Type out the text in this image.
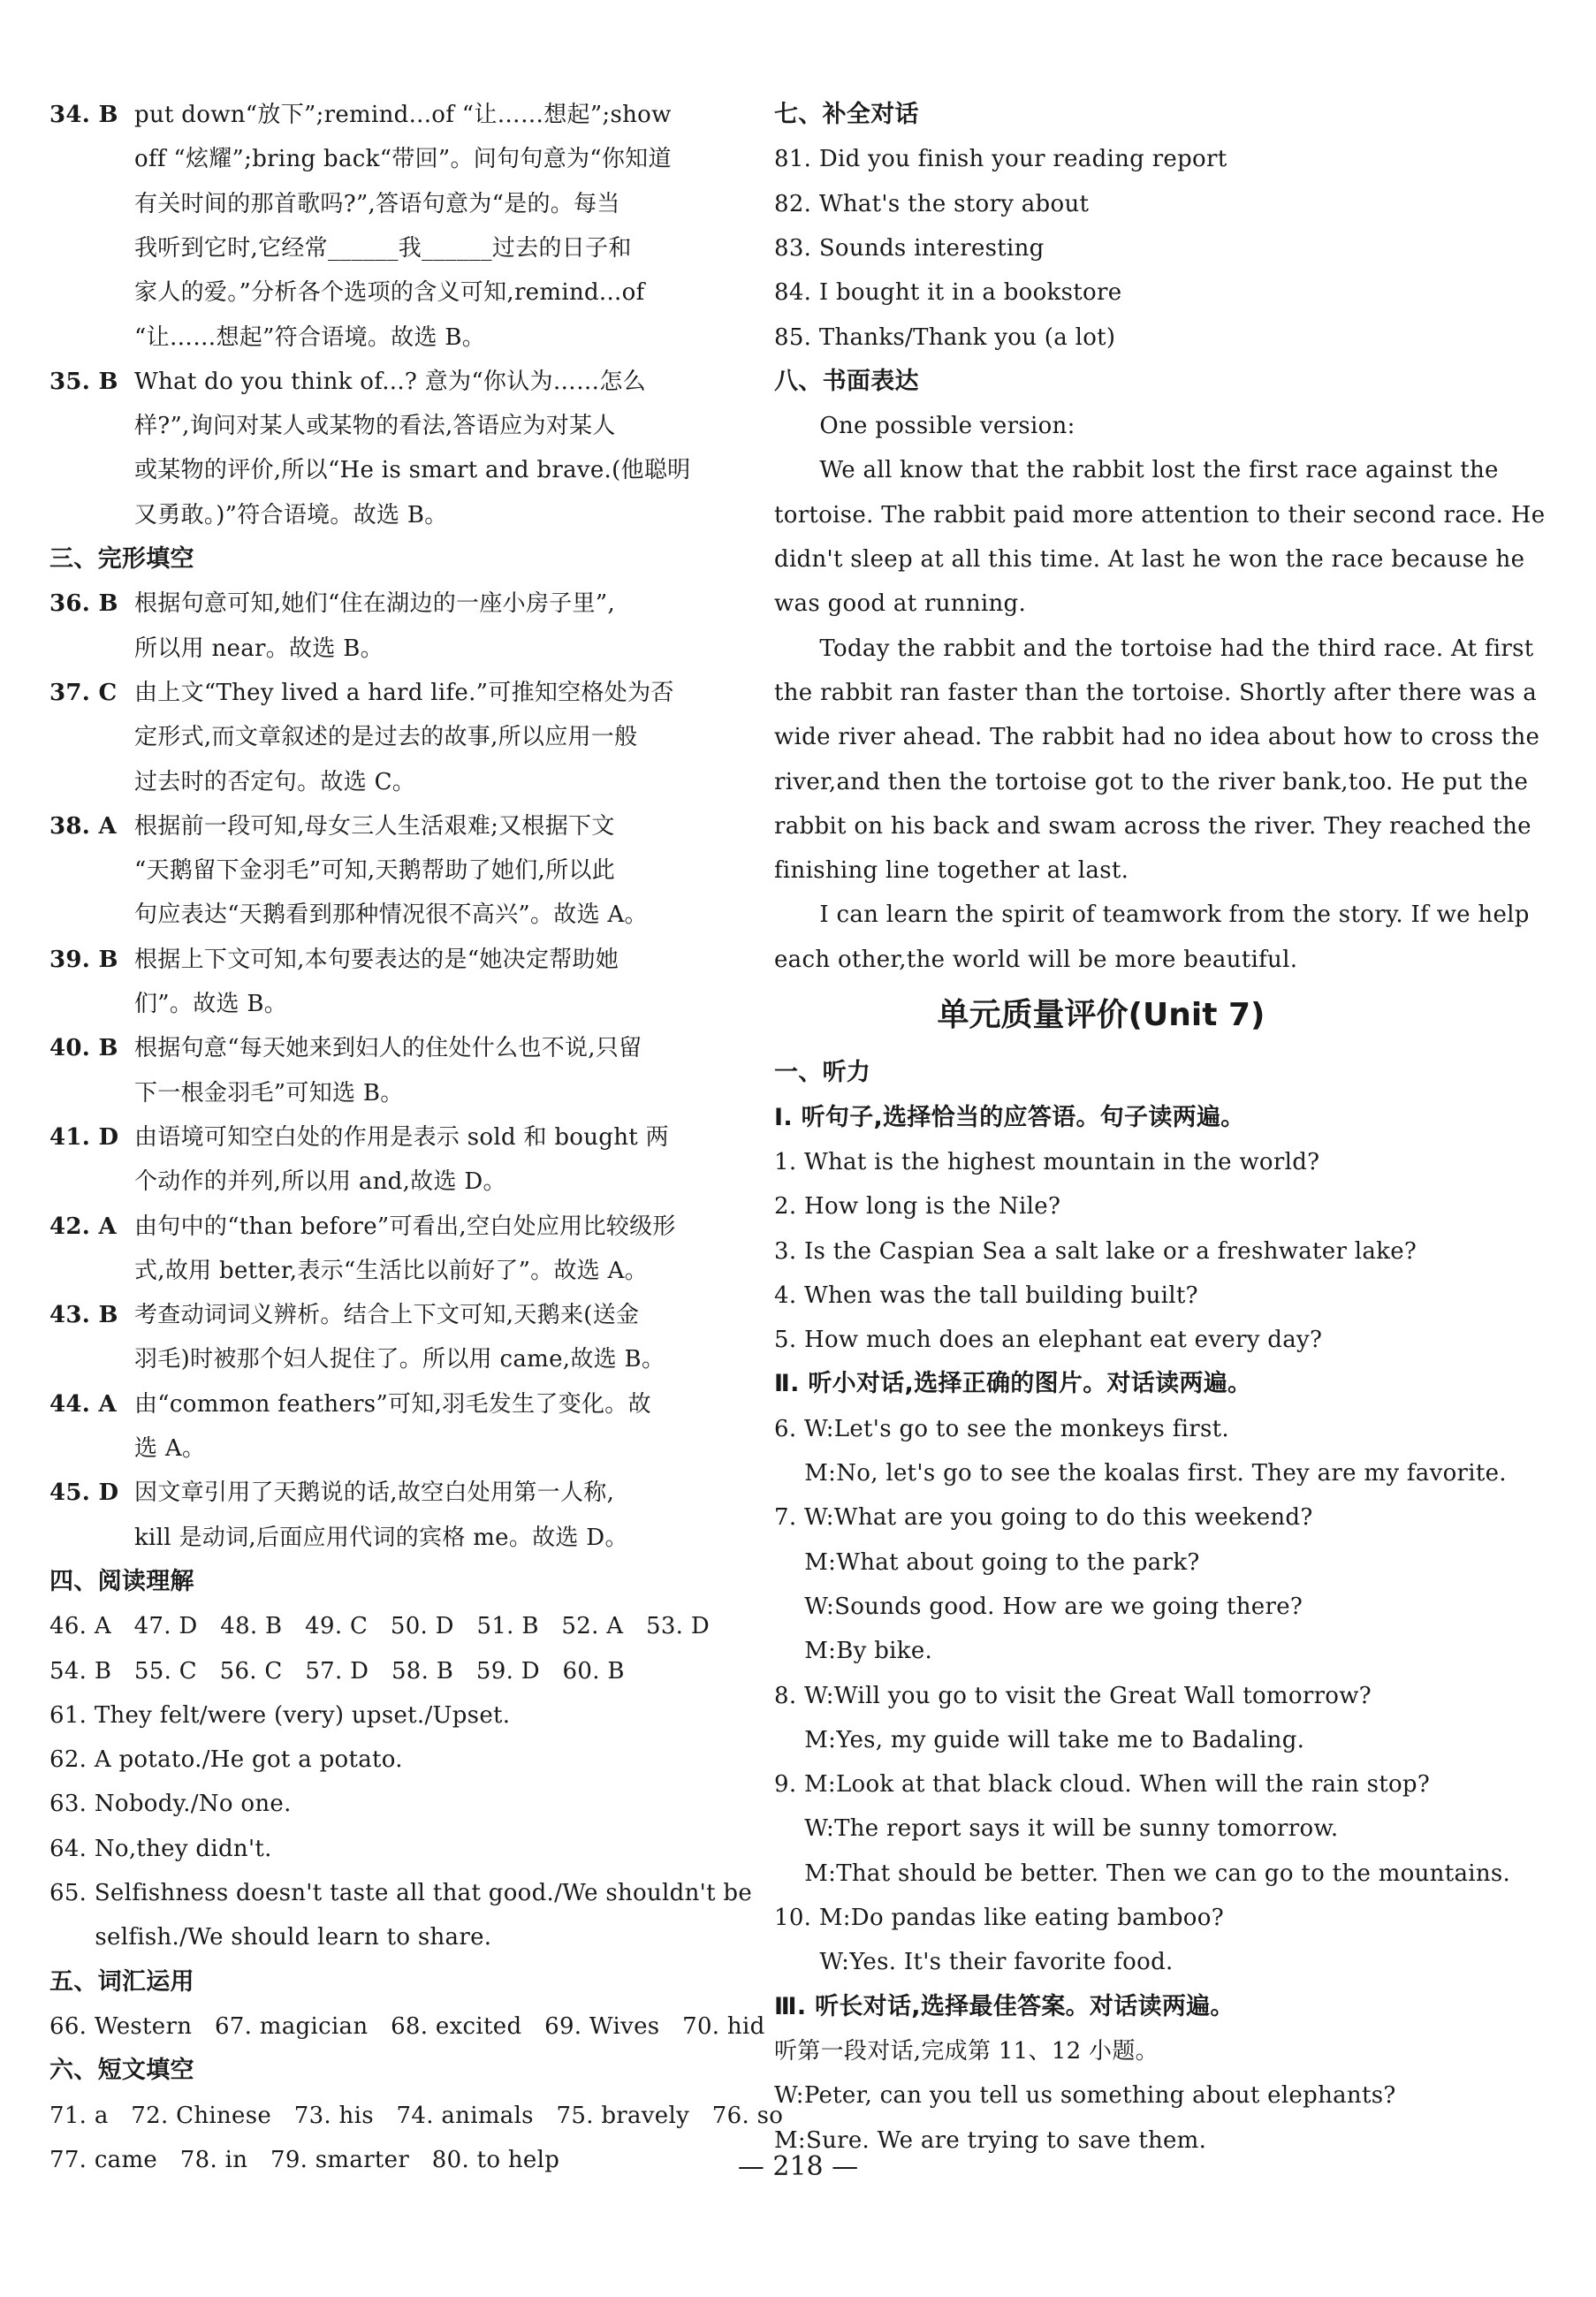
34. B put down“放下”;remind...of “让……想起”;show
off “炫耀”;bring back“带回”。问句句意为“你知道
有关时间的那首歌吗?”,答语句意为“是的。每当
我听到它时,它经常______我______过去的日子和
家人的爱。”分析各个选项的含义可知,remind...of
“让……想起”符合语境。故选 B。
35. B What do you think of...? 意为“你认为……怎么
样?”,询问对某人或某物的看法,答语应为对某人
或某物的评价,所以“He is smart and brave.(他聪明
又勇敢。)”符合语境。故选 B。
三、完形填空
36. B 根据句意可知,她们“住在湖边的一座小房子里”,
所以用 near。故选 B。
37. C 由上文“They lived a hard life.”可推知空格处为否
定形式,而文章叙述的是过去的故事,所以应用一般
过去时的否定句。故选 C。
38. A 根据前一段可知,母女三人生活艰难;又根据下文
“天鹅留下金羽毛”可知,天鹅帮助了她们,所以此
句应表达“天鹅看到那种情况很不高兴”。故选 A。
39. B 根据上下文可知,本句要表达的是“她决定帮助她
们”。故选 B。
40. B 根据句意“每天她来到妇人的住处什么也不说,只留
下一根金羽毛”可知选 B。
41. D 由语境可知空白处的作用是表示 sold 和 bought 两
个动作的并列,所以用 and,故选 D。
42. A 由句中的“than before”可看出,空白处应用比较级形
式,故用 better,表示“生活比以前好了”。故选 A。
43. B 考查动词词义辨析。结合上下文可知,天鹅来(送金
羽毛)时被那个妇人捉住了。所以用 came,故选 B。
44. A 由“common feathers”可知,羽毛发生了变化。故
选 A。
45. D 因文章引用了天鹅说的话,故空白处用第一人称,
kill 是动词,后面应用代词的宾格 me。故选 D。
四、阅读理解
46. A   47. D   48. B   49. C   50. D   51. B   52. A   53. D
54. B   55. C   56. C   57. D   58. B   59. D   60. B
61. They felt/were (very) upset./Upset.
62. A potato./He got a potato.
63. Nobody./No one.
64. No,they didn't.
65. Selfishness doesn't taste all that good./We shouldn't be
selfish./We should learn to share.
五、词汇运用
66. Western   67. magician   68. excited   69. Wives   70. hid
六、短文填空
71. a   72. Chinese   73. his   74. animals   75. bravely   76. so
77. came   78. in   79. smarter   80. to help
七、补全对话
81. Did you finish your reading report
82. What's the story about
83. Sounds interesting
84. I bought it in a bookstore
85. Thanks/Thank you (a lot)
八、书面表达
One possible version:
We all know that the rabbit lost the first race against the
tortoise. The rabbit paid more attention to their second race. He
didn't sleep at all this time. At last he won the race because he
was good at running.
Today the rabbit and the tortoise had the third race. At first
the rabbit ran faster than the tortoise. Shortly after there was a
wide river ahead. The rabbit had no idea about how to cross the
river,and then the tortoise got to the river bank,too. He put the
rabbit on his back and swam across the river. They reached the
finishing line together at last.
I can learn the spirit of teamwork from the story. If we help
each other,the world will be more beautiful.
单元质量评价(Unit 7)
一、听力
Ⅰ. 听句子,选择恰当的应答语。句子读两遍。
1. What is the highest mountain in the world?
2. How long is the Nile?
3. Is the Caspian Sea a salt lake or a freshwater lake?
4. When was the tall building built?
5. How much does an elephant eat every day?
Ⅱ. 听小对话,选择正确的图片。对话读两遍。
6. W:Let's go to see the monkeys first.
M:No, let's go to see the koalas first. They are my favorite.
7. W:What are you going to do this weekend?
M:What about going to the park?
W:Sounds good. How are we going there?
M:By bike.
8. W:Will you go to visit the Great Wall tomorrow?
M:Yes, my guide will take me to Badaling.
9. M:Look at that black cloud. When will the rain stop?
W:The report says it will be sunny tomorrow.
M:That should be better. Then we can go to the mountains.
10. M:Do pandas like eating bamboo?
W:Yes. It's their favorite food.
Ⅲ. 听长对话,选择最佳答案。对话读两遍。
听第一段对话,完成第 11、12 小题。
W:Peter, can you tell us something about elephants?
M:Sure. We are trying to save them.
— 218 —
